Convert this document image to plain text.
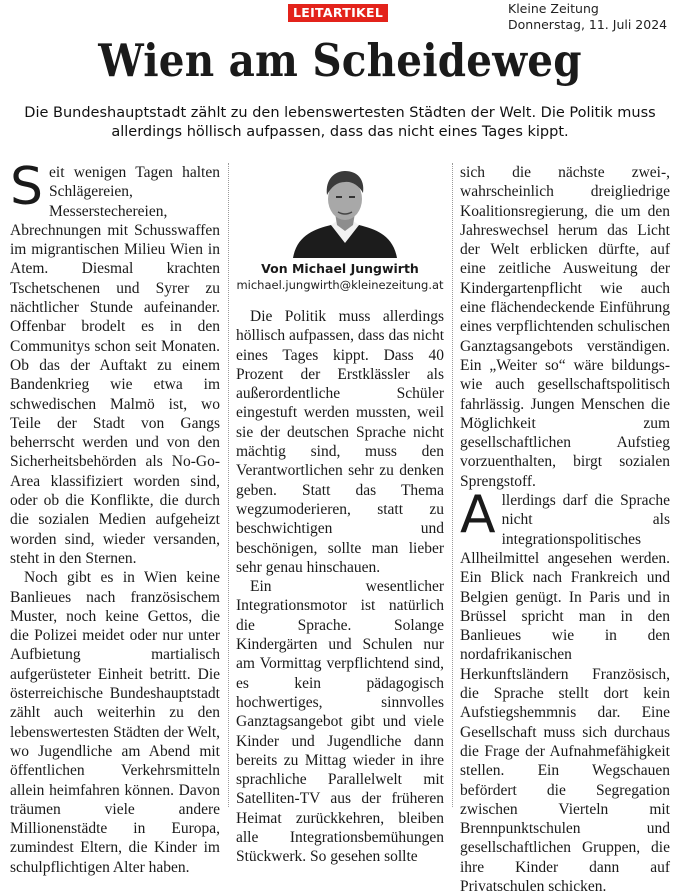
LEITARTIKEL	Kleine Zeitung
Donnerstag, 11. Juli 2024
Wien am Scheideweg
Die Bundeshauptstadt zählt zu den lebenswertesten Städten der Welt. Die Politik muss allerdings höllisch aufpassen, dass das nicht eines Tages kippt.

Seit wenigen Tagen halten Schlägereien, Messerstechereien, Abrechnungen mit Schusswaffen im migrantischen Milieu Wien in Atem. Diesmal krachten Tschetschenen und Syrer zu nächtlicher Stunde aufeinander. Offenbar brodelt es in den Communitys schon seit Monaten. Ob das der Auftakt zu einem Bandenkrieg wie etwa im schwedischen Malmö ist, wo Teile der Stadt von Gangs beherrscht werden und von den Sicherheitsbehörden als No-Go-Area klassifiziert worden sind, oder ob die Konflikte, die durch die sozialen Medien aufgeheizt worden sind, wieder versanden, steht in den Sternen.

Noch gibt es in Wien keine Banlieues nach französischem Muster, noch keine Gettos, die die Polizei meidet oder nur unter Aufbietung martialisch aufgerüsteter Einheit betritt. Die österreichische Bundeshauptstadt zählt auch weiterhin zu den lebenswertesten Städten der Welt, wo Jugendliche am Abend mit öffentlichen Verkehrsmitteln allein heimfahren können. Davon träumen viele andere Millionenstädte in Europa, zumindest Eltern, die Kinder im schulpflichtigen Alter haben.

Von Michael Jungwirth
michael.jungwirth@kleinezeitung.at

Die Politik muss allerdings höllisch aufpassen, dass das nicht eines Tages kippt. Dass 40 Prozent der Erstklässler als außerordentliche Schüler eingestuft werden mussten, weil sie der deutschen Sprache nicht mächtig sind, muss den Verantwortlichen sehr zu denken geben. Statt das Thema wegzumoderieren, statt zu beschwichtigen und beschönigen, sollte man lieber sehr genau hinschauen.

Ein wesentlicher Integrationsmotor ist natürlich die Sprache. Solange Kindergärten und Schulen nur am Vormittag verpflichtend sind, es kein pädagogisch hochwertiges, sinnvolles Ganztagsangebot gibt und viele Kinder und Jugendliche dann bereits zu Mittag wieder in ihre sprachliche Parallelwelt mit Satelliten-TV aus der früheren Heimat zurückkehren, bleiben alle Integrationsbemühungen Stückwerk. So gesehen sollte

sich die nächste zwei-, wahrscheinlich dreigliedrige Koalitionsregierung, die um den Jahreswechsel herum das Licht der Welt erblicken dürfte, auf eine zeitliche Ausweitung der Kindergartenpflicht wie auch eine flächendeckende Einführung eines verpflichtenden schulischen Ganztagsangebots verständigen. Ein „Weiter so“ wäre bildungs- wie auch gesellschaftspolitisch fahrlässig. Jungen Menschen die Möglichkeit zum gesellschaftlichen Aufstieg vorzuenthalten, birgt sozialen Sprengstoff.

Allerdings darf die Sprache nicht als integrationspolitisches Allheilmittel angesehen werden. Ein Blick nach Frankreich und Belgien genügt. In Paris und in Brüssel spricht man in den Banlieues wie in den nordafrikanischen Herkunftsländern Französisch, die Sprache stellt dort kein Aufstiegshemmnis dar. Eine Gesellschaft muss sich durchaus die Frage der Aufnahmefähigkeit stellen. Ein Wegschauen befördert die Segregation zwischen Vierteln mit Brennpunktschulen und gesellschaftlichen Gruppen, die ihre Kinder dann auf Privatschulen schicken.
